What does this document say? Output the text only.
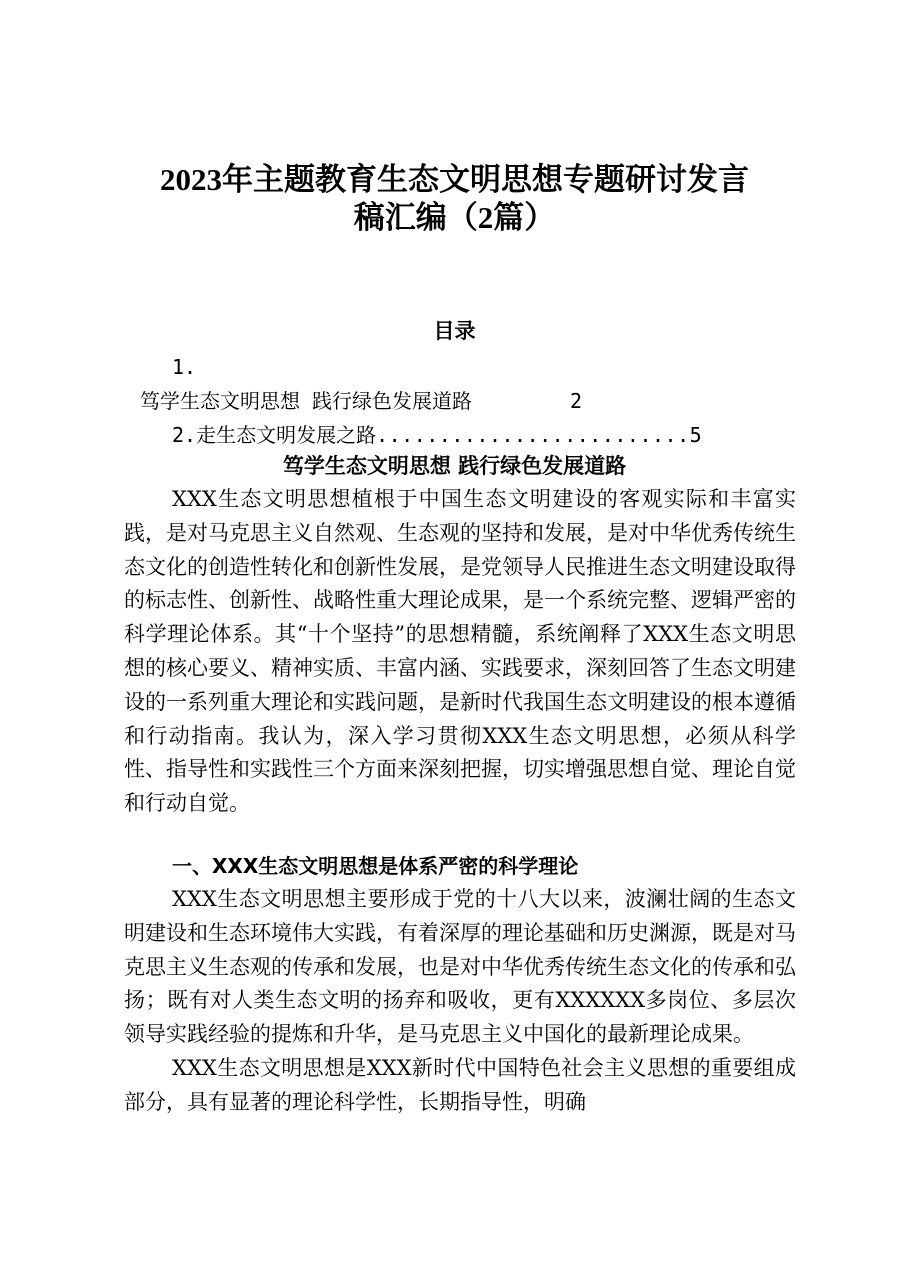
2023年主题教育生态文明思想专题研讨发言
稿汇编（2篇）
目录
1.
笃学生态文明思想 践行绿色发展道路	2
2.走生态文明发展之路.........................5
笃学生态文明思想 践行绿色发展道路

XXX生态文明思想植根于中国生态文明建设的客观实际和丰富实践，是对马克思主义自然观、生态观的坚持和发展，是对中华优秀传统生态文化的创造性转化和创新性发展，是党领导人民推进生态文明建设取得的标志性、创新性、战略性重大理论成果，是一个系统完整、逻辑严密的科学理论体系。其“十个坚持”的思想精髓，系统阐释了XXX生态文明思想的核心要义、精神实质、丰富内涵、实践要求，深刻回答了生态文明建设的一系列重大理论和实践问题，是新时代我国生态文明建设的根本遵循和行动指南。我认为，深入学习贯彻XXX生态文明思想，必须从科学性、指导性和实践性三个方面来深刻把握，切实增强思想自觉、理论自觉和行动自觉。

一、XXX生态文明思想是体系严密的科学理论

XXX生态文明思想主要形成于党的十八大以来，波澜壮阔的生态文明建设和生态环境伟大实践，有着深厚的理论基础和历史渊源，既是对马克思主义生态观的传承和发展，也是对中华优秀传统生态文化的传承和弘扬；既有对人类生态文明的扬弃和吸收，更有XXXXXX多岗位、多层次领导实践经验的提炼和升华，是马克思主义中国化的最新理论成果。

XXX生态文明思想是XXX新时代中国特色社会主义思想的重要组成部分，具有显著的理论科学性，长期指导性，明确
